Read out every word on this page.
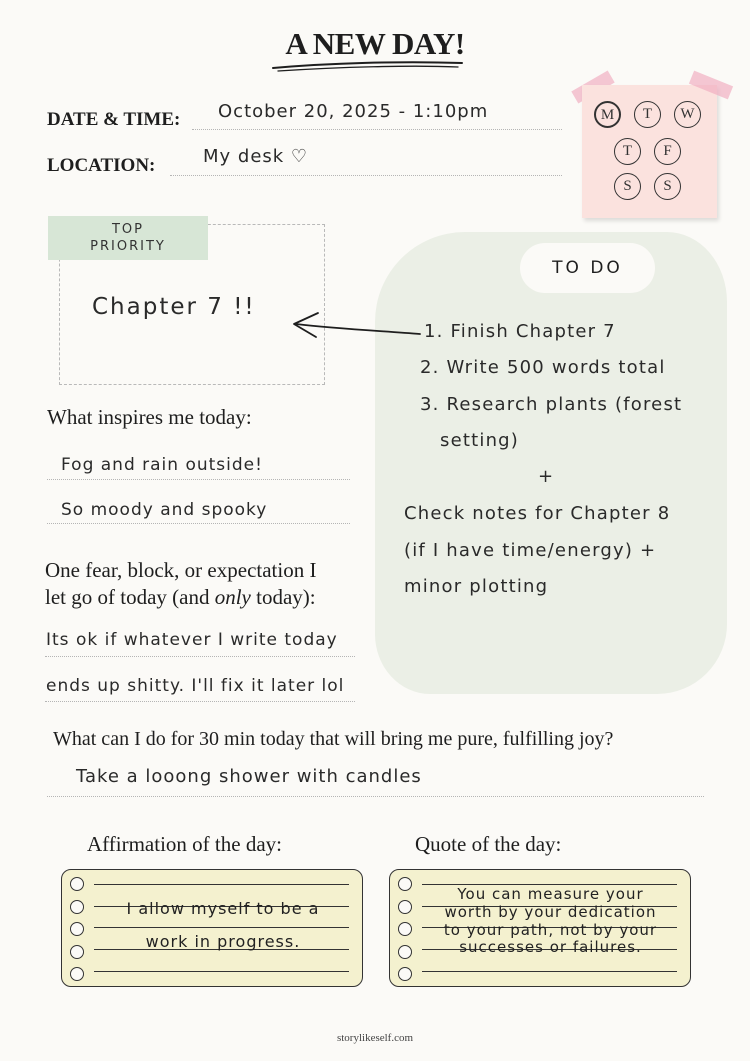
A NEW DAY!
DATE & TIME: October 20, 2025 - 1:10pm
LOCATION:	My desk ♡
M	T	W
T	F
S	S
TOP
PRIORITY
Chapter 7 !!
TO DO
1. Finish Chapter 7
2. Write 500 words total
3. Research plants (forest
setting)
+
Check notes for Chapter 8
(if I have time/energy) +
minor plotting
What inspires me today:
Fog and rain outside!
So moody and spooky
One fear, block, or expectation I
let go of today (and only today):
Its ok if whatever I write today
ends up shitty. I'll fix it later lol
What can I do for 30 min today that will bring me pure, fulfilling joy?
Take a looong shower with candles
Affirmation of the day:
I allow myself to be a
work in progress.
Quote of the day:
You can measure your
worth by your dedication
to your path, not by your
successes or failures.
storylikeself.com
